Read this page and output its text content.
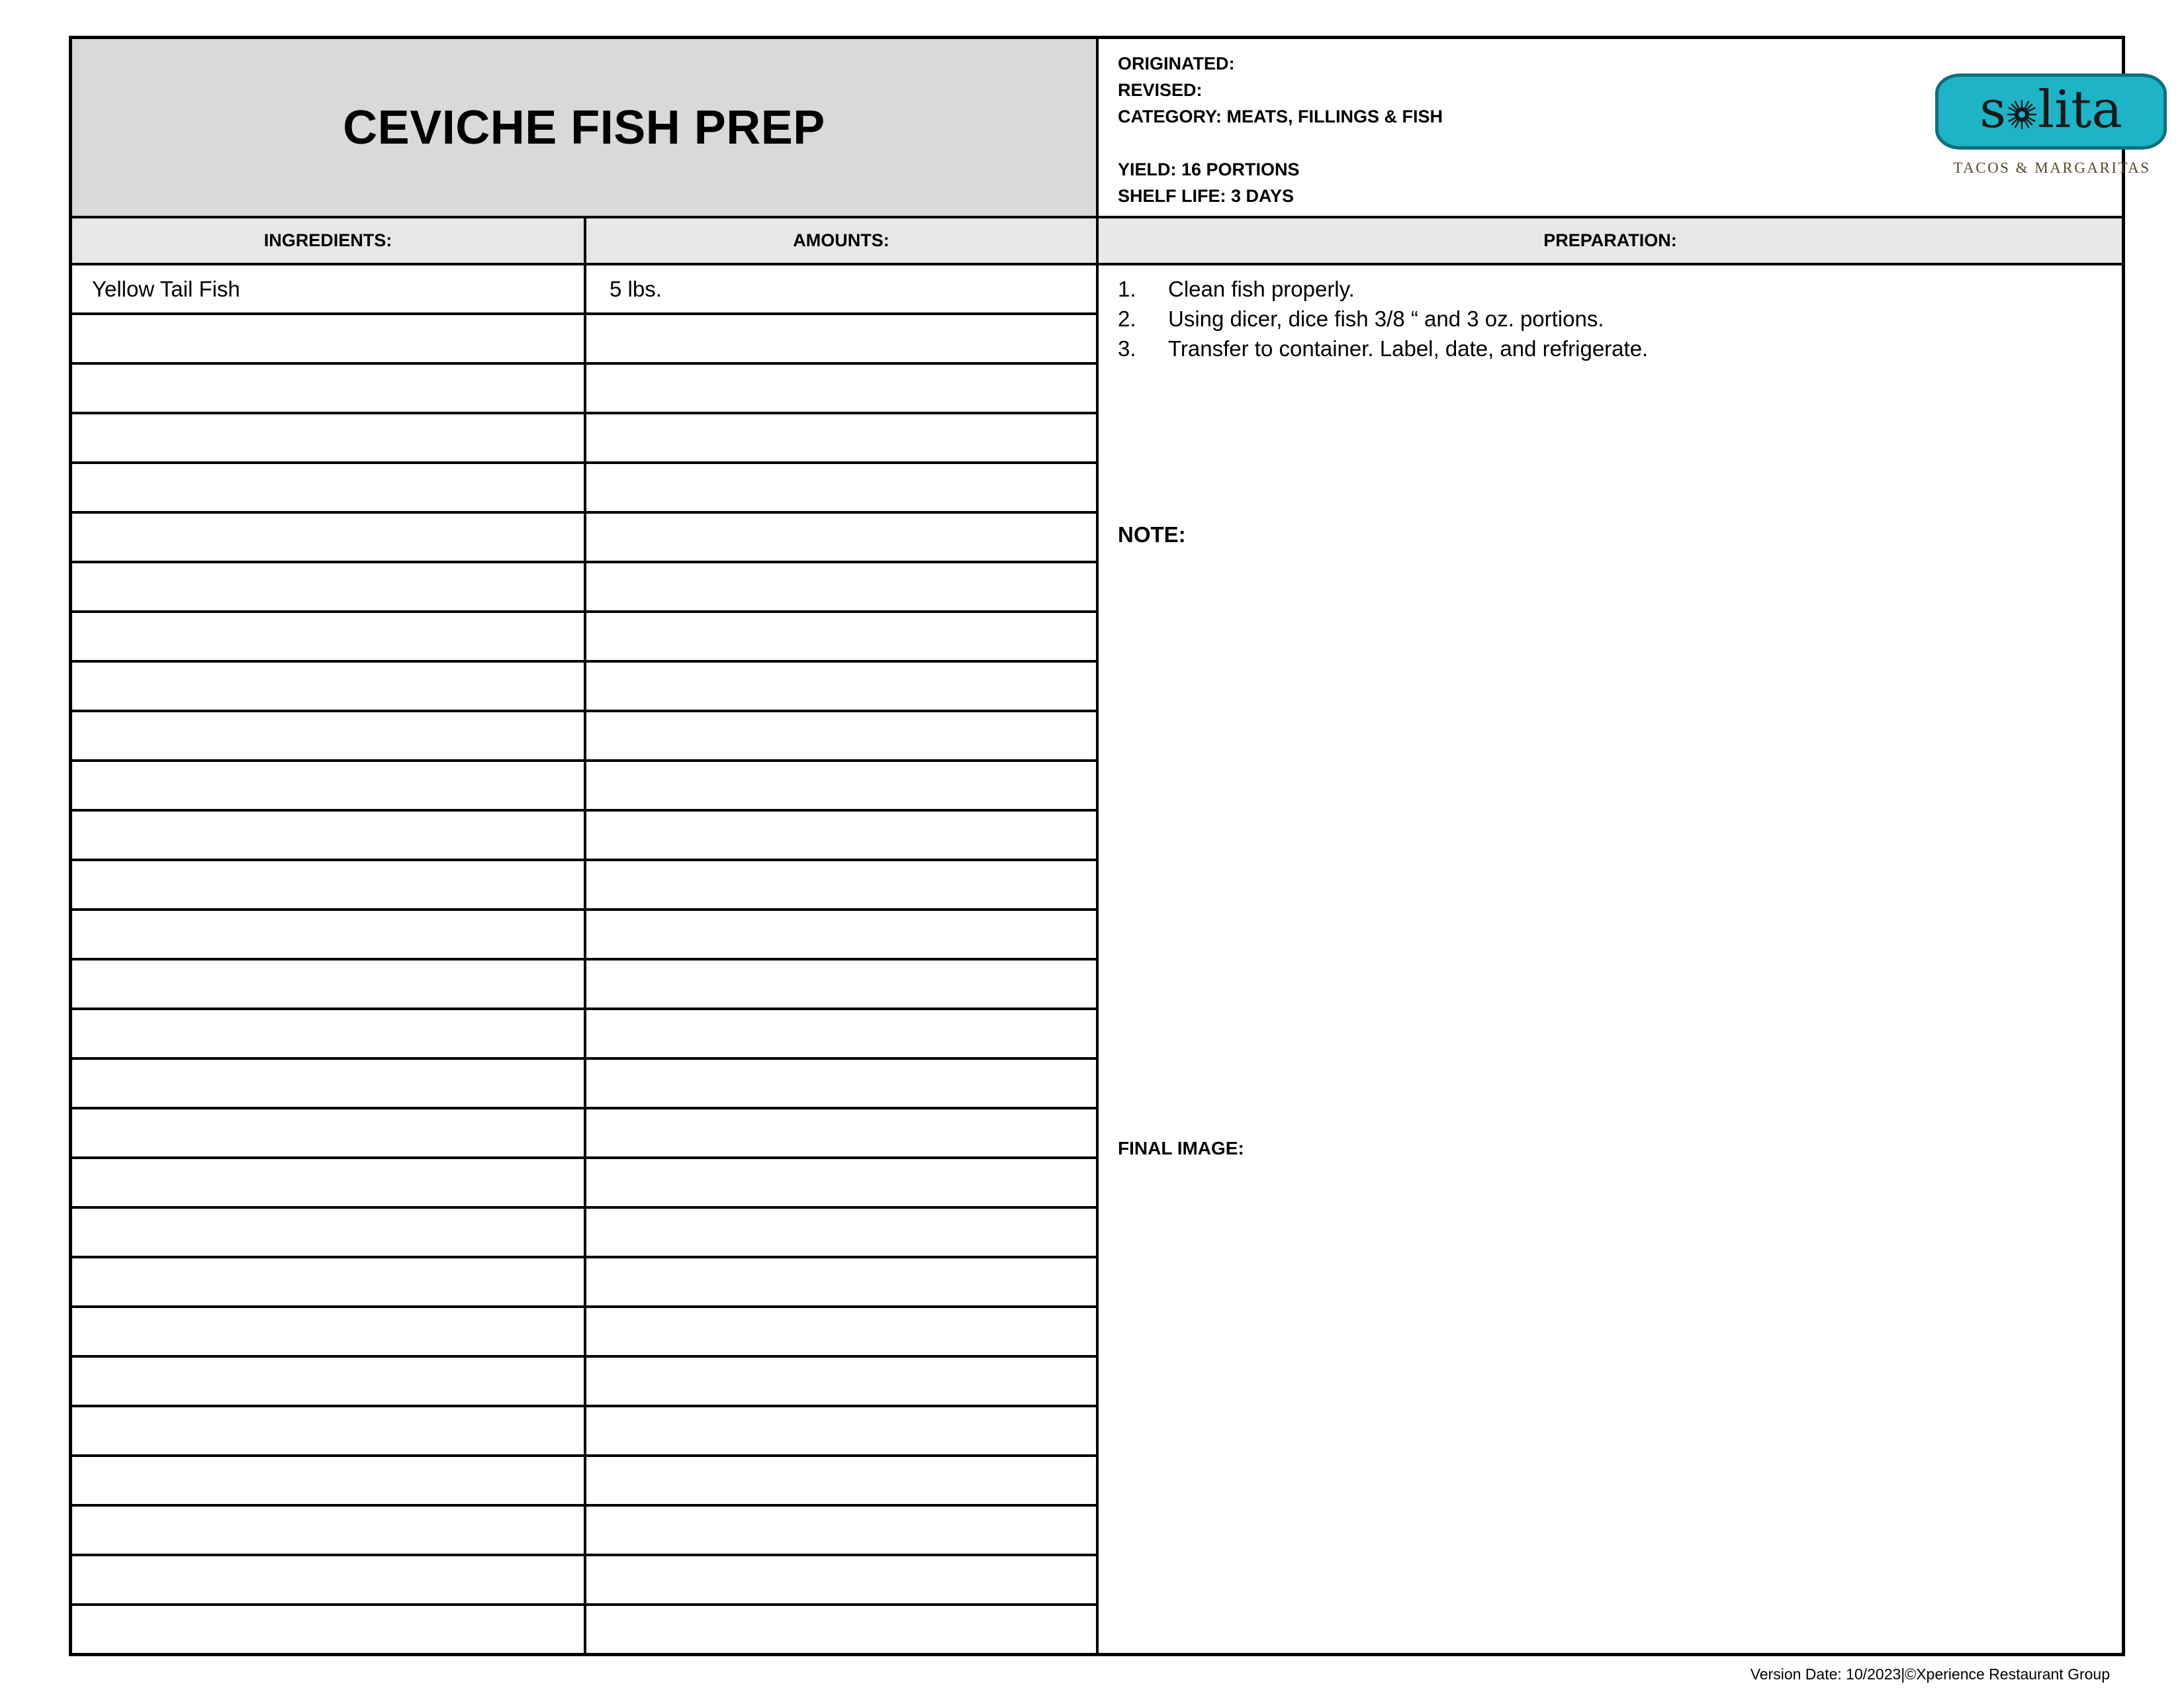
CEVICHE FISH PREP
ORIGINATED:
REVISED:
CATEGORY: MEATS, FILLINGS & FISH
YIELD: 16 PORTIONS
SHELF LIFE: 3 DAYS
s lita
TACOS & MARGARITAS
INGREDIENTS:	AMOUNTS:	PREPARATION:
Yellow Tail Fish	5 lbs.	1.	Clean fish properly.
2.	Using dicer, dice fish 3/8 “ and 3 oz. portions.
3.	Transfer to container. Label, date, and refrigerate.
NOTE:
FINAL IMAGE:
Version Date: 10/2023|©Xperience Restaurant Group
